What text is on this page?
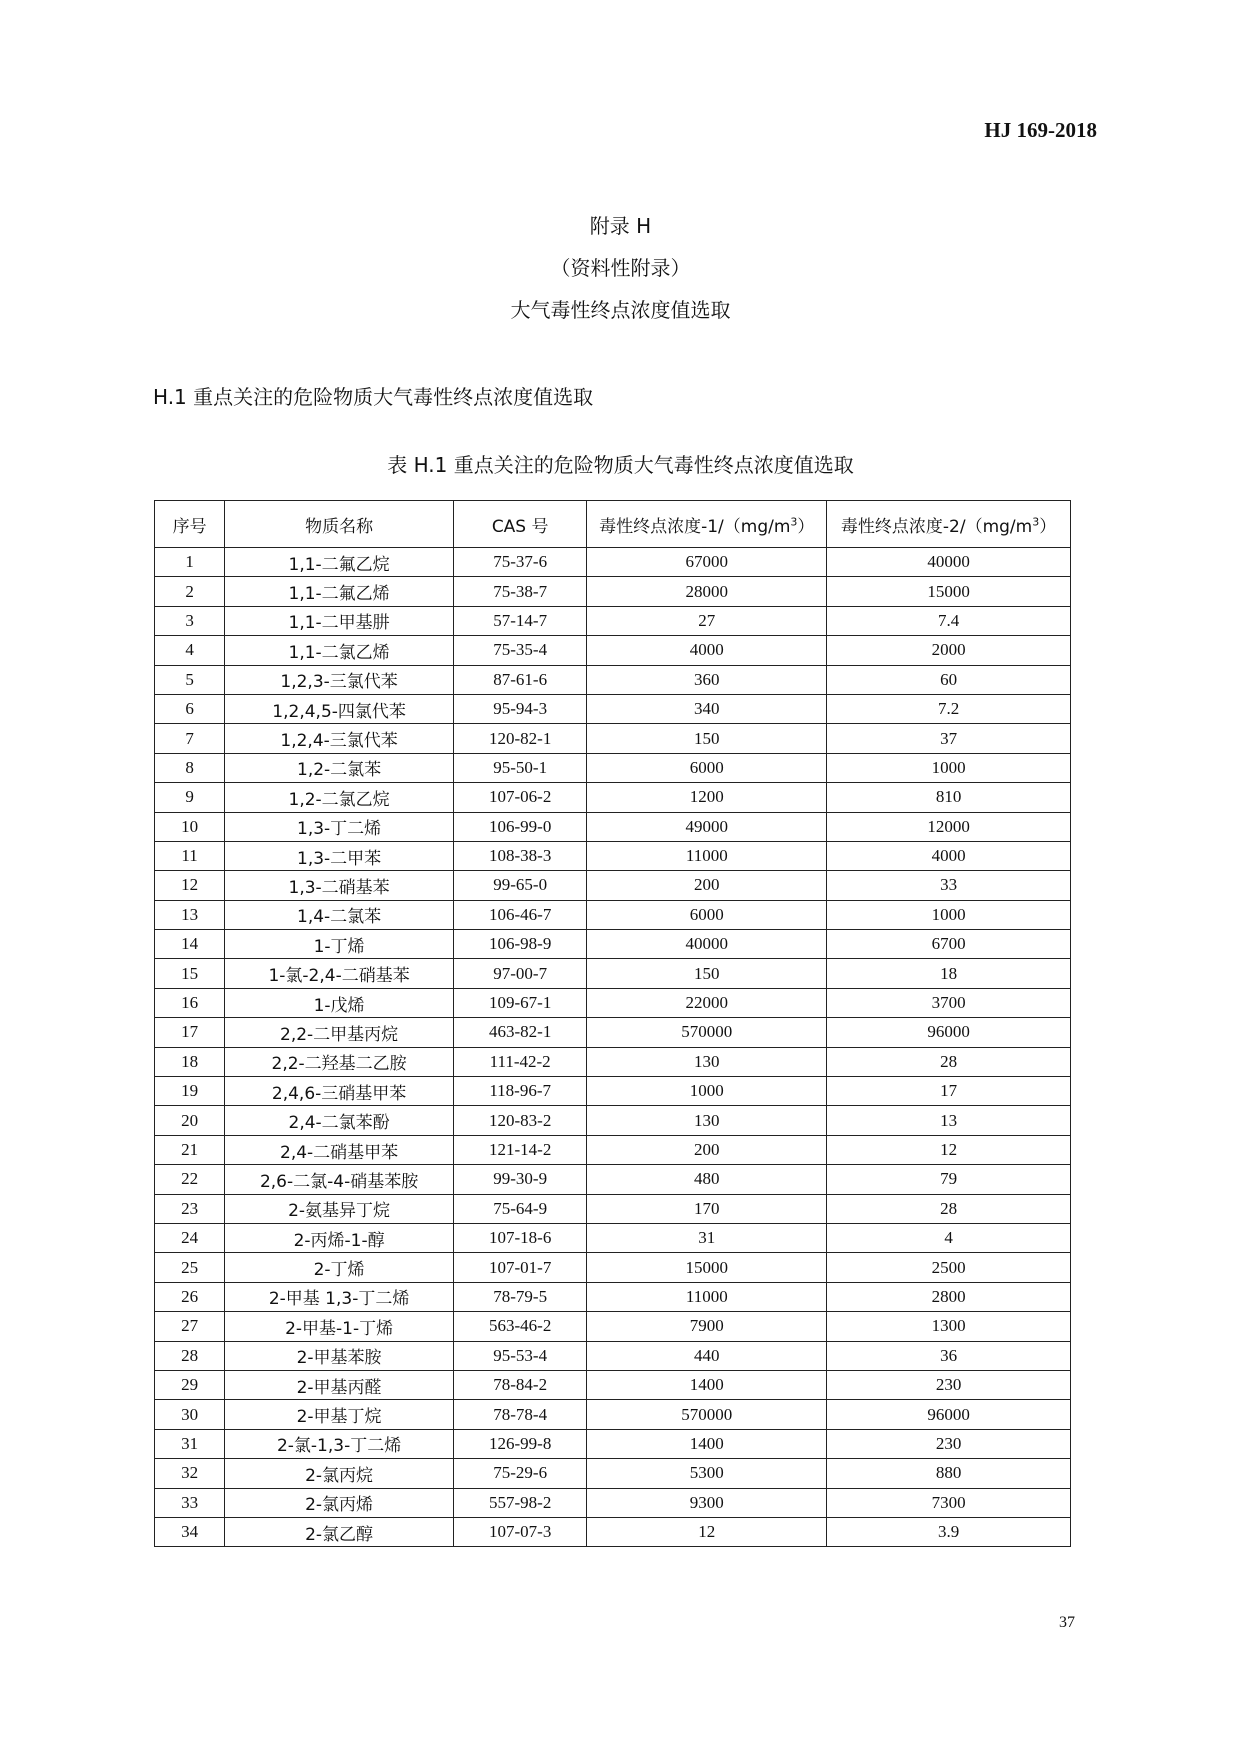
HJ 169-2018
附录 H
（资料性附录）
大气毒性终点浓度值选取
H.1 重点关注的危险物质大气毒性终点浓度值选取
表 H.1 重点关注的危险物质大气毒性终点浓度值选取
序号	物质名称	CAS 号	毒性终点浓度$-1/(mg/m^3)$	毒性终点浓度$-2/(mg/m^3)$
1	1,1-二氟乙烷	75-37-6	67000	40000
2	1,1-二氟乙烯	75-38-7	28000	15000
3	1,1-二甲基肼	57-14-7	27	7.4
4	1,1-二氯乙烯	75-35-4	4000	2000
5	1,2,3-三氯代苯	87-61-6	360	60
6	1,2,4,5-四氯代苯	95-94-3	340	7.2
7	1,2,4-三氯代苯	120-82-1	150	37
8	1,2-二氯苯	95-50-1	6000	1000
9	1,2-二氯乙烷	107-06-2	1200	810
10	1,3-丁二烯	106-99-0	49000	12000
11	1,3-二甲苯	108-38-3	11000	4000
12	1,3-二硝基苯	99-65-0	200	33
13	1,4-二氯苯	106-46-7	6000	1000
14	1-丁烯	106-98-9	40000	6700
15	1-氯-2,4-二硝基苯	97-00-7	150	18
16	1-戊烯	109-67-1	22000	3700
17	2,2-二甲基丙烷	463-82-1	570000	96000
18	2,2-二羟基二乙胺	111-42-2	130	28
19	2,4,6-三硝基甲苯	118-96-7	1000	17
20	2,4-二氯苯酚	120-83-2	130	13
21	2,4-二硝基甲苯	121-14-2	200	12
22	2,6-二氯-4-硝基苯胺	99-30-9	480	79
23	2-氨基异丁烷	75-64-9	170	28
24	2-丙烯-1-醇	107-18-6	31	4
25	2-丁烯	107-01-7	15000	2500
26	2-甲基 1,3-丁二烯	78-79-5	11000	2800
27	2-甲基-1-丁烯	563-46-2	7900	1300
28	2-甲基苯胺	95-53-4	440	36
29	2-甲基丙醛	78-84-2	1400	230
30	2-甲基丁烷	78-78-4	570000	96000
31	2-氯-1,3-丁二烯	126-99-8	1400	230
32	2-氯丙烷	75-29-6	5300	880
33	2-氯丙烯	557-98-2	9300	7300
34	2-氯乙醇	107-07-3	12	3.9
37
